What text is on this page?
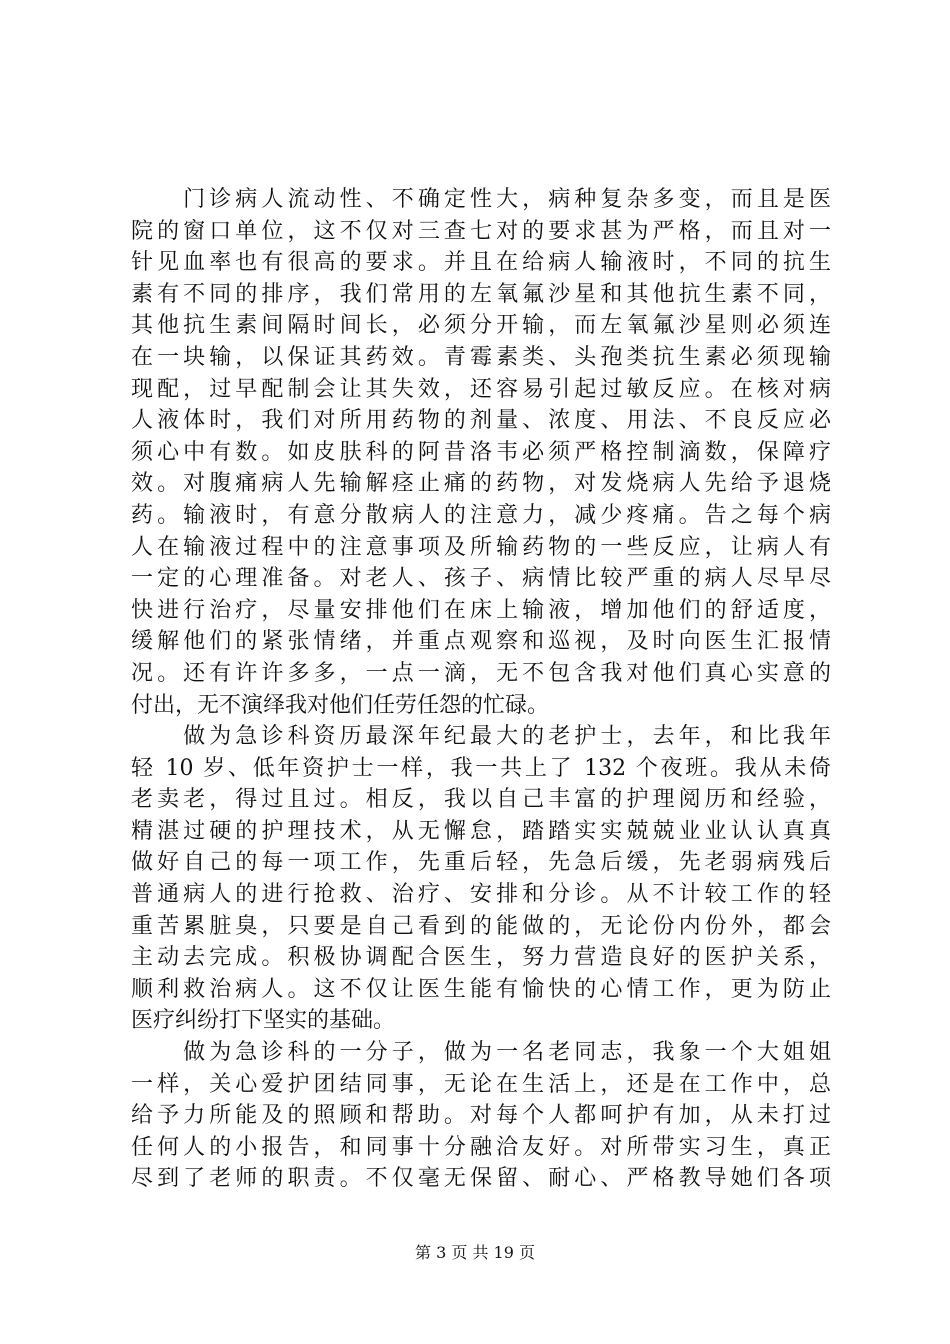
　　门诊病人流动性、不确定性大，病种复杂多变，而且是医
院的窗口单位，这不仅对三查七对的要求甚为严格，而且对一
针见血率也有很高的要求。并且在给病人输液时，不同的抗生
素有不同的排序，我们常用的左氧氟沙星和其他抗生素不同，
其他抗生素间隔时间长，必须分开输，而左氧氟沙星则必须连
在一块输，以保证其药效。青霉素类、头孢类抗生素必须现输
现配，过早配制会让其失效，还容易引起过敏反应。在核对病
人液体时，我们对所用药物的剂量、浓度、用法、不良反应必
须心中有数。如皮肤科的阿昔洛韦必须严格控制滴数，保障疗
效。对腹痛病人先输解痉止痛的药物，对发烧病人先给予退烧
药。输液时，有意分散病人的注意力，减少疼痛。告之每个病
人在输液过程中的注意事项及所输药物的一些反应，让病人有
一定的心理准备。对老人、孩子、病情比较严重的病人尽早尽
快进行治疗，尽量安排他们在床上输液，增加他们的舒适度，
缓解他们的紧张情绪，并重点观察和巡视，及时向医生汇报情
况。还有许许多多，一点一滴，无不包含我对他们真心实意的
付出，无不演绎我对他们任劳任怨的忙碌。
　　做为急诊科资历最深年纪最大的老护士，去年，和比我年
轻 10 岁、低年资护士一样，我一共上了 132 个夜班。我从未倚
老卖老，得过且过。相反，我以自己丰富的护理阅历和经验，
精湛过硬的护理技术，从无懈怠，踏踏实实兢兢业业认认真真
做好自己的每一项工作，先重后轻，先急后缓，先老弱病残后
普通病人的进行抢救、治疗、安排和分诊。从不计较工作的轻
重苦累脏臭，只要是自己看到的能做的，无论份内份外，都会
主动去完成。积极协调配合医生，努力营造良好的医护关系，
顺利救治病人。这不仅让医生能有愉快的心情工作，更为防止
医疗纠纷打下坚实的基础。
　　做为急诊科的一分子，做为一名老同志，我象一个大姐姐
一样，关心爱护团结同事，无论在生活上，还是在工作中，总
给予力所能及的照顾和帮助。对每个人都呵护有加，从未打过
任何人的小报告，和同事十分融洽友好。对所带实习生，真正
尽到了老师的职责。不仅毫无保留、耐心、严格教导她们各项
第 3 页 共 19 页
